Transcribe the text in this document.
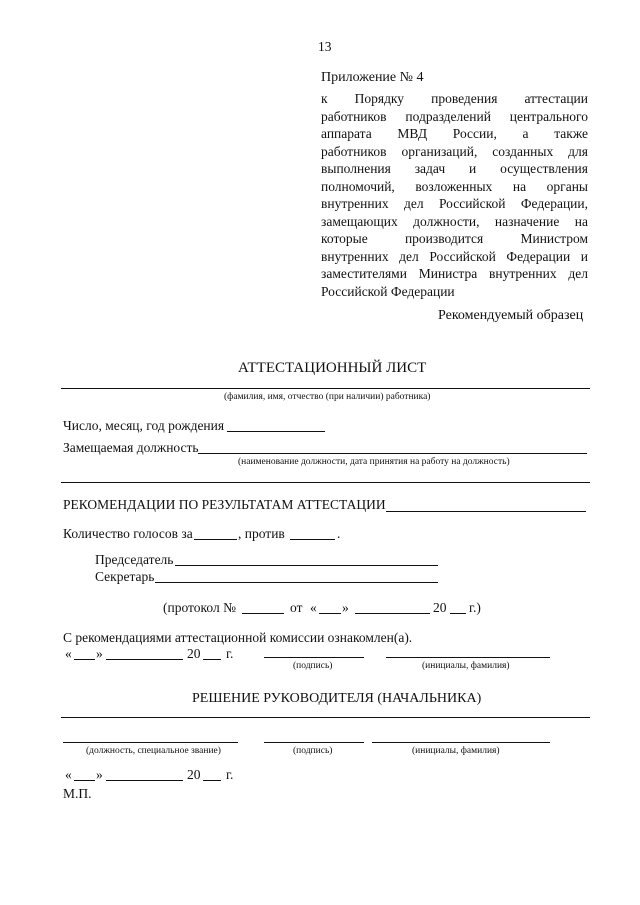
13
Приложение № 4
к Порядку проведения аттестации
работников подразделений центрального
аппарата МВД России, а также
работников организаций, созданных для
выполнения задач и осуществления
полномочий, возложенных на органы
внутренних дел Российской Федерации,
замещающих должности, назначение на
которые производится Министром
внутренних дел Российской Федерации и
заместителями Министра внутренних дел
Российской Федерации
Рекомендуемый образец
АТТЕСТАЦИОННЫЙ ЛИСТ
(фамилия, имя, отчество (при наличии) работника)
Число, месяц, год рождения
Замещаемая должность
(наименование должности, дата принятия на работу на должность)
РЕКОМЕНДАЦИИ ПО РЕЗУЛЬТАТАМ АТТЕСТАЦИИ
Количество голосов за	, против	.
Председатель
Секретарь
(протокол №	от « »	20 г.)
С рекомендациями аттестационной комиссии ознакомлен(а).
« »	20 г.
(подпись)	(инициалы, фамилия)
РЕШЕНИЕ РУКОВОДИТЕЛЯ (НАЧАЛЬНИКА)
(должность, специальное звание)	(подпись)	(инициалы, фамилия)
« »	20 г.
М.П.
